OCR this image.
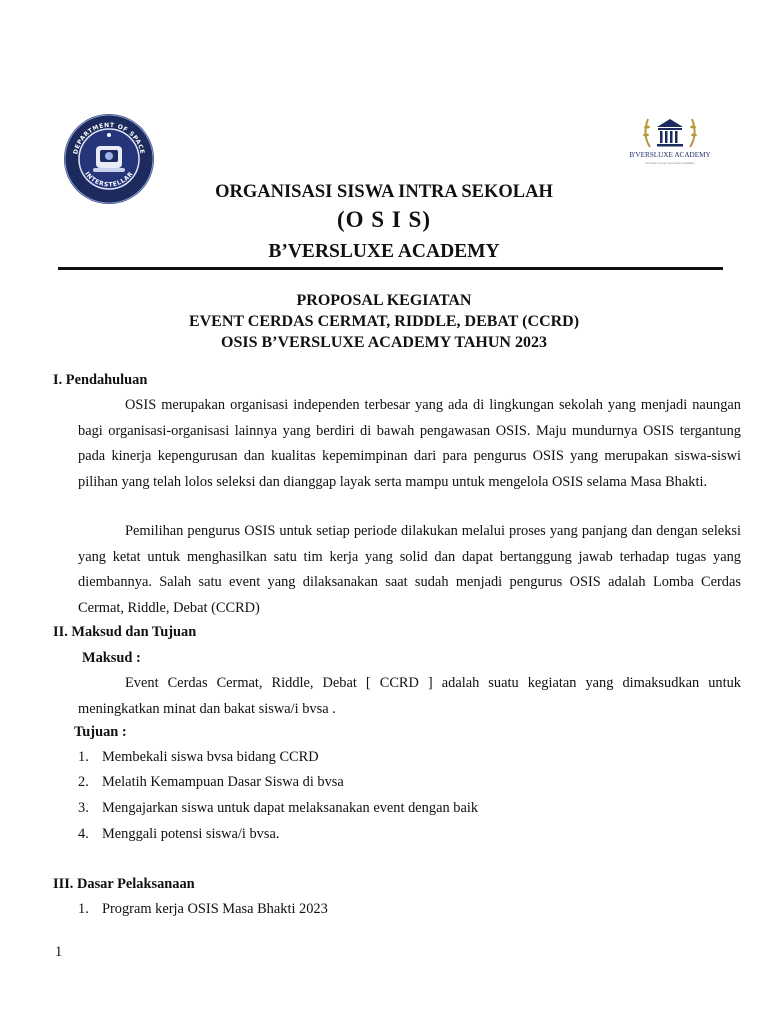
DEPARTMENT OF SPACE
INTERSTELLAR
B'VERSLUXE ACADEMY
Kemitraan menuju masa depan pendidikan
ORGANISASI SISWA INTRA SEKOLAH
(O S I S)
B’VERSLUXE ACADEMY
PROPOSAL KEGIATAN
EVENT CERDAS CERMAT, RIDDLE, DEBAT (CCRD)
OSIS B’VERSLUXE ACADEMY TAHUN 2023
I. Pendahuluan
OSIS merupakan organisasi independen terbesar yang ada di lingkungan sekolah yang menjadi naungan bagi organisasi-organisasi lainnya yang berdiri di bawah pengawasan OSIS. Maju mundurnya OSIS tergantung pada kinerja kepengurusan dan kualitas kepemimpinan dari para pengurus OSIS yang merupakan siswa-siswi pilihan yang telah lolos seleksi dan dianggap layak serta mampu untuk mengelola OSIS selama Masa Bhakti.
Pemilihan pengurus OSIS untuk setiap periode dilakukan melalui proses yang panjang dan dengan seleksi yang ketat untuk menghasilkan satu tim kerja yang solid dan dapat bertanggung jawab terhadap tugas yang diembannya. Salah satu event yang dilaksanakan saat sudah menjadi pengurus OSIS adalah Lomba Cerdas Cermat, Riddle, Debat (CCRD)
II. Maksud dan Tujuan
Maksud :
Event Cerdas Cermat, Riddle, Debat [ CCRD ] adalah suatu kegiatan yang dimaksudkan untuk meningkatkan minat dan bakat siswa/i bvsa .
Tujuan :
1. Membekali siswa bvsa bidang CCRD
2. Melatih Kemampuan Dasar Siswa di bvsa
3. Mengajarkan siswa untuk dapat melaksanakan event dengan baik
4. Menggali potensi siswa/i bvsa.
III. Dasar Pelaksanaan
1. Program kerja OSIS Masa Bhakti 2023
1
